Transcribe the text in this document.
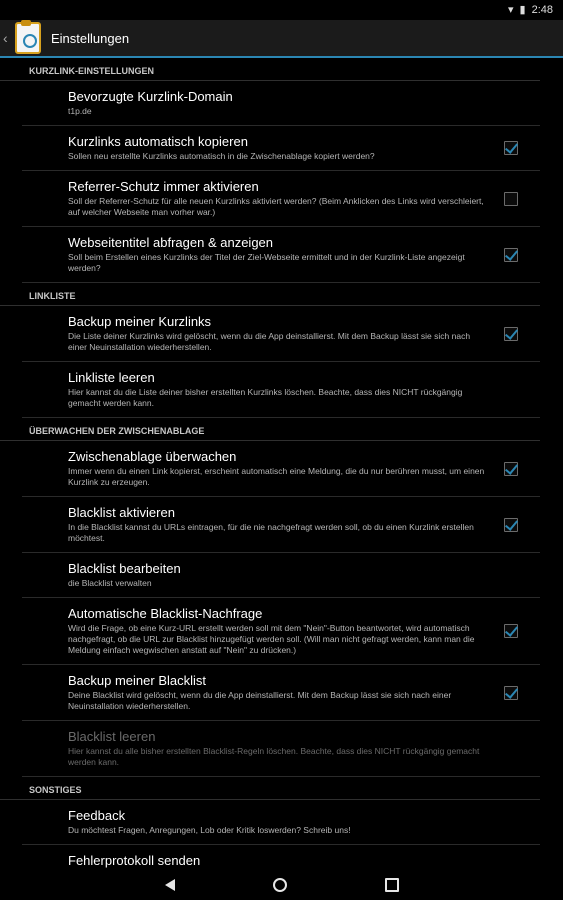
▾ ▮ 2:48
‹	Einstellungen
KURZLINK-EINSTELLUNGEN
Bevorzugte Kurzlink-Domain
t1p.de
Kurzlinks automatisch kopieren
Sollen neu erstellte Kurzlinks automatisch in die Zwischenablage kopiert werden?
Referrer-Schutz immer aktivieren
Soll der Referrer-Schutz für alle neuen Kurzlinks aktiviert werden? (Beim Anklicken des Links wird verschleiert, auf welcher Webseite man vorher war.)
Webseitentitel abfragen & anzeigen
Soll beim Erstellen eines Kurzlinks der Titel der Ziel-Webseite ermittelt und in der Kurzlink-Liste angezeigt werden?
LINKLISTE
Backup meiner Kurzlinks
Die Liste deiner Kurzlinks wird gelöscht, wenn du die App deinstallierst. Mit dem Backup lässt sie sich nach einer Neuinstallation wiederherstellen.
Linkliste leeren
Hier kannst du die Liste deiner bisher erstellten Kurzlinks löschen. Beachte, dass dies NICHT rückgängig gemacht werden kann.
ÜBERWACHEN DER ZWISCHENABLAGE
Zwischenablage überwachen
Immer wenn du einen Link kopierst, erscheint automatisch eine Meldung, die du nur berühren musst, um einen Kurzlink zu erzeugen.
Blacklist aktivieren
In die Blacklist kannst du URLs eintragen, für die nie nachgefragt werden soll, ob du einen Kurzlink erstellen möchtest.
Blacklist bearbeiten
die Blacklist verwalten
Automatische Blacklist-Nachfrage
Wird die Frage, ob eine Kurz-URL erstellt werden soll mit dem "Nein"-Button beantwortet, wird automatisch nachgefragt, ob die URL zur Blacklist hinzugefügt werden soll. (Will man nicht gefragt werden, kann man die Meldung einfach wegwischen anstatt auf "Nein" zu drücken.)
Backup meiner Blacklist
Deine Blacklist wird gelöscht, wenn du die App deinstallierst. Mit dem Backup lässt sie sich nach einer Neuinstallation wiederherstellen.
Blacklist leeren
Hier kannst du alle bisher erstellten Blacklist-Regeln löschen. Beachte, dass dies NICHT rückgängig gemacht werden kann.
SONSTIGES
Feedback
Du möchtest Fragen, Anregungen, Lob oder Kritik loswerden? Schreib uns!
Fehlerprotokoll senden
